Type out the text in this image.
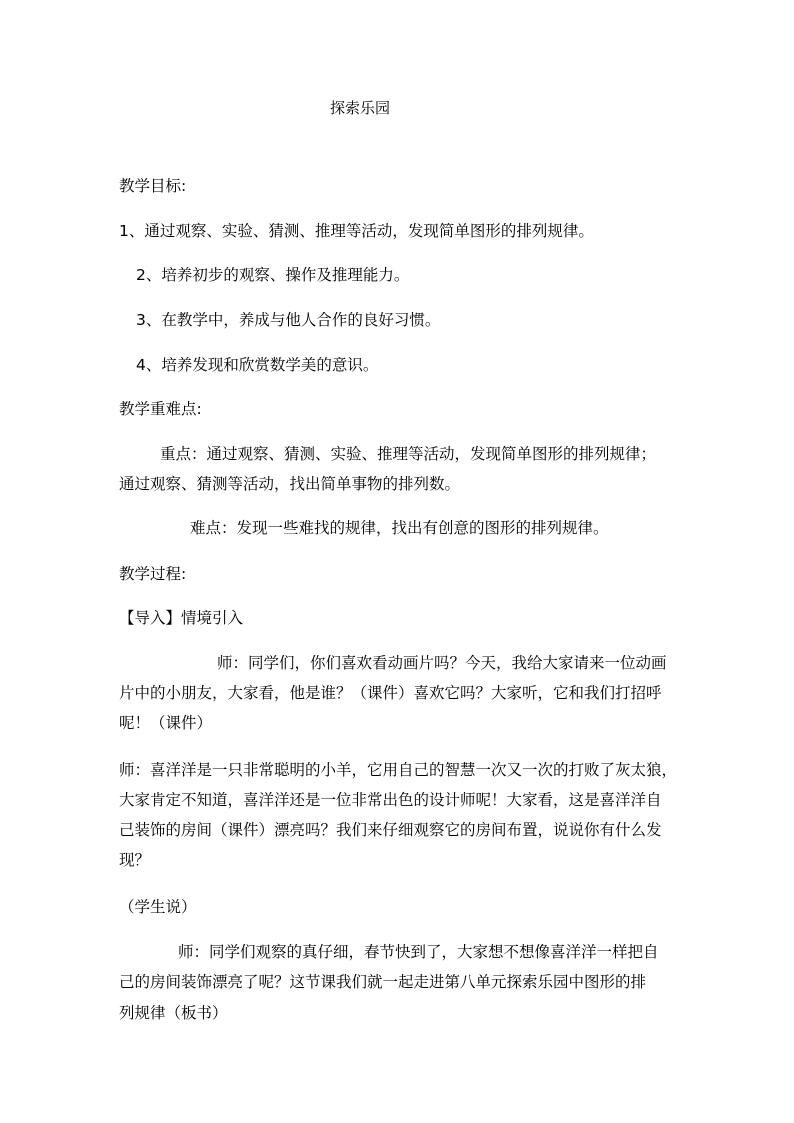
探索乐园
教学目标:
1、通过观察、实验、猜测、推理等活动，发现简单图形的排列规律。
2、培养初步的观察、操作及推理能力。
3、在教学中，养成与他人合作的良好习惯。
4、培养发现和欣赏数学美的意识。
教学重难点:
重点：通过观察、猜测、实验、推理等活动，发现简单图形的排列规律；
通过观察、猜测等活动，找出简单事物的排列数。
难点：发现一些难找的规律，找出有创意的图形的排列规律。
教学过程:
【导入】情境引入
师：同学们，你们喜欢看动画片吗？今天，我给大家请来一位动画
片中的小朋友，大家看，他是谁？（课件）喜欢它吗？大家听，它和我们打招呼
呢！（课件）
师：喜洋洋是一只非常聪明的小羊，它用自己的智慧一次又一次的打败了灰太狼，
大家肯定不知道，喜洋洋还是一位非常出色的设计师呢！大家看，这是喜洋洋自
己装饰的房间（课件）漂亮吗？我们来仔细观察它的房间布置，说说你有什么发
现？
（学生说）
师：同学们观察的真仔细，春节快到了，大家想不想像喜洋洋一样把自
己的房间装饰漂亮了呢？这节课我们就一起走进第八单元探索乐园中图形的排
列规律（板书）
